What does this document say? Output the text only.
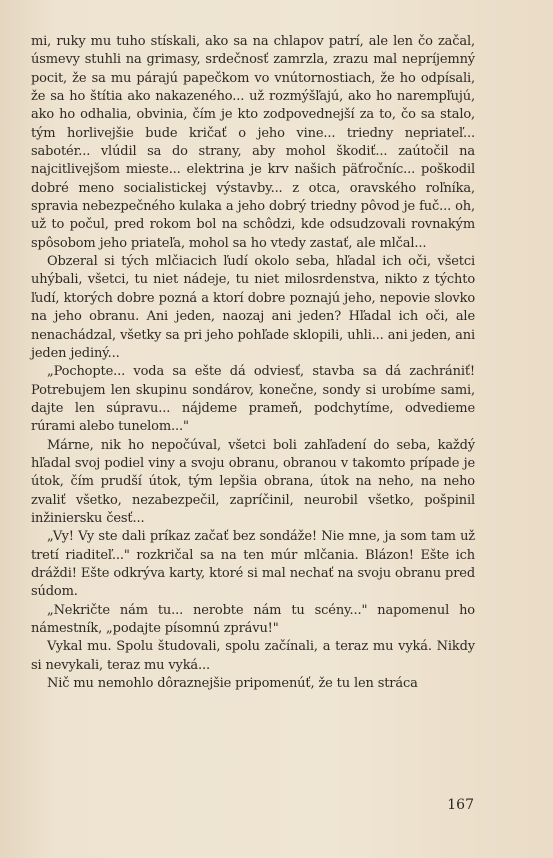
mi, ruky mu tuho stískali, ako sa na chlapov patrí, ale len čo začal, úsmevy stuhli na grimasy, srdečnosť zamrzla, zrazu mal nepríjemný pocit, že sa mu párajú papečkom vo vnútornostiach, že ho odpísali, že sa ho štítia ako nakazeného... už rozmýšľajú, ako ho narempľujú, ako ho odhalia, obvinia, čím je kto zodpovednejší za to, čo sa stalo, tým horlivejšie bude kričať o jeho vine... triedny nepriateľ... sabotér... vlúdil sa do strany, aby mohol škodiť... zaútočil na najcitlivejšom mieste... elektrina je krv našich päťročníc... poškodil dobré meno socialistickej výstavby... z otca, oravského roľníka, spravia nebezpečného kulaka a jeho dobrý triedny pôvod je fuč... oh, už to počul, pred rokom bol na schôdzi, kde odsudzovali rovnakým spôsobom jeho priateľa, mohol sa ho vtedy zastať, ale mlčal...

Obzeral si tých mlčiacich ľudí okolo seba, hľadal ich oči, všetci uhýbali, všetci, tu niet nádeje, tu niet milosrdenstva, nikto z týchto ľudí, ktorých dobre pozná a ktorí dobre poznajú jeho, nepovie slovko na jeho obranu. Ani jeden, naozaj ani jeden? Hľadal ich oči, ale nenachádzal, všetky sa pri jeho pohľade sklopili, uhli... ani jeden, ani jeden jediný...

„Pochopte... voda sa ešte dá odviesť, stavba sa dá zachrániť! Potrebujem len skupinu sondárov, konečne, sondy si urobíme sami, dajte len súpravu... nájdeme prameň, podchytíme, odvedieme rúrami alebo tunelom..."

Márne, nik ho nepočúval, všetci boli zahľadení do seba, každý hľadal svoj podiel viny a svoju obranu, obranou v takomto prípade je útok, čím prudší útok, tým lepšia obrana, útok na neho, na neho zvaliť všetko, nezabezpečil, zapríčinil, neurobil všetko, pošpinil inžiniersku česť...

„Vy! Vy ste dali príkaz začať bez sondáže! Nie mne, ja som tam už tretí riaditeľ..." rozkričal sa na ten múr mlčania. Blázon! Ešte ich dráždi! Ešte odkrýva karty, ktoré si mal nechať na svoju obranu pred súdom.

„Nekričte nám tu... nerobte nám tu scény..." napomenul ho námestník, „podajte písomnú zprávu!"

Vykal mu. Spolu študovali, spolu začínali, a teraz mu vyká. Nikdy si nevykali, teraz mu vyká...

Nič mu nemohlo dôraznejšie pripomenúť, že tu len stráca

167
